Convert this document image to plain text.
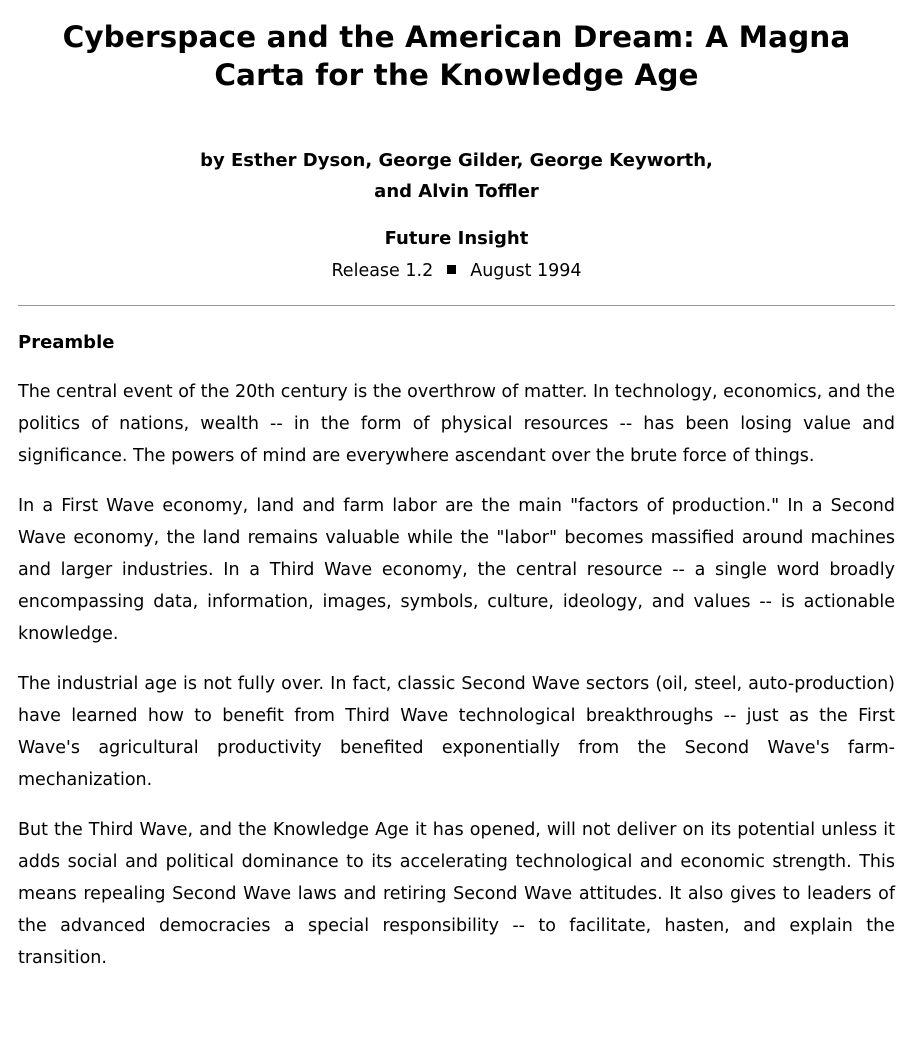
Cyberspace and the American Dream: A Magna Carta for the Knowledge Age
by Esther Dyson, George Gilder, George Keyworth,
and Alvin Toffler
Future Insight
Release 1.2 August 1994
Preamble

The central event of the 20th century is the overthrow of matter. In technology, economics, and the politics of nations, wealth -- in the form of physical resources -- has been losing value and significance. The powers of mind are everywhere ascendant over the brute force of things.

In a First Wave economy, land and farm labor are the main "factors of production." In a Second Wave economy, the land remains valuable while the "labor" becomes massified around machines and larger industries. In a Third Wave economy, the central resource -- a single word broadly encompassing data, information, images, symbols, culture, ideology, and values -- is actionable knowledge.

The industrial age is not fully over. In fact, classic Second Wave sectors (oil, steel, auto-production) have learned how to benefit from Third Wave technological breakthroughs -- just as the First Wave's agricultural productivity benefited exponentially from the Second Wave's farm-mechanization.

But the Third Wave, and the Knowledge Age it has opened, will not deliver on its potential unless it adds social and political dominance to its accelerating technological and economic strength. This means repealing Second Wave laws and retiring Second Wave attitudes. It also gives to leaders of the advanced democracies a special responsibility -- to facilitate, hasten, and explain the transition.
